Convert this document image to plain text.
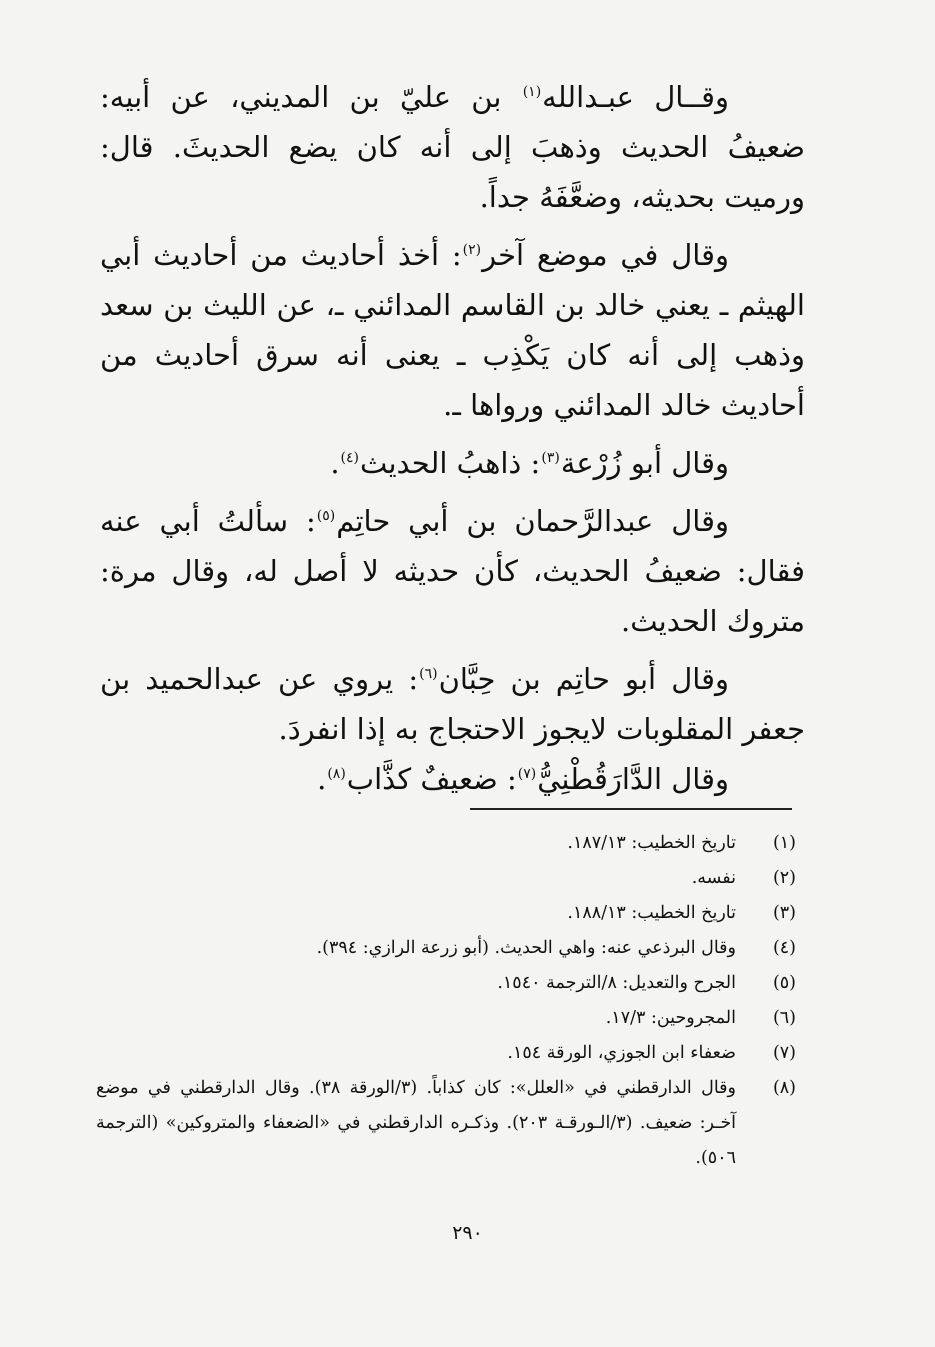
وقــال عبـدالله$^{(١)}$ بن عليّ بن المديني، عن أبيه: ضعيفُ الحديث وذهبَ إلى أنه كان يضع الحديثَ. قال: ورميت بحديثه، وضعَّفَهُ جداً.

وقال في موضع آخر$^{(٢)}$: أخذ أحاديث من أحاديث أبي الهيثم ـ يعني خالد بن القاسم المدائني ـ، عن الليث بن سعد وذهب إلى أنه كان يَكْذِب ـ يعنى أنه سرق أحاديث من أحاديث خالد المدائني ورواها ـ.

وقال أبو زُرْعة$^{(٣)}$: ذاهبُ الحديث$^{(٤)}$.

وقال عبدالرَّحمان بن أبي حاتِم$^{(٥)}$: سألتُ أبي عنه فقال: ضعيفُ الحديث، كأن حديثه لا أصل له، وقال مرة: متروك الحديث.

وقال أبو حاتِم بن حِبَّان$^{(٦)}$: يروي عن عبدالحميد بن جعفر المقلوبات لايجوز الاحتجاج به إذا انفردَ.

وقال الدَّارَقُطْنِيُّ$^{(٧)}$: ضعيفٌ كذَّاب$^{(٨)}$.

(١)
تاريخ الخطيب: ١٨٧/١٣.
(٢)
نفسه.
(٣)
تاريخ الخطيب: ١٨٨/١٣.
(٤)
وقال البرذعي عنه: واهي الحديث. (أبو زرعة الرازي: ٣٩٤).
(٥)
الجرح والتعديل: ٨/الترجمة ١٥٤٠.
(٦)
المجروحين: ١٧/٣.
(٧)
ضعفاء ابن الجوزي، الورقة ١٥٤.
(٨)
وقال الدارقطني في «العلل»: كان كذاباً. (٣/الورقة ٣٨). وقال الدارقطني في موضع آخـر: ضعيف. (٣/الـورقـة ٢٠٣). وذكـره الدارقطني في «الضعفاء والمتروكين» (الترجمة ٥٠٦).
٢٩٠
